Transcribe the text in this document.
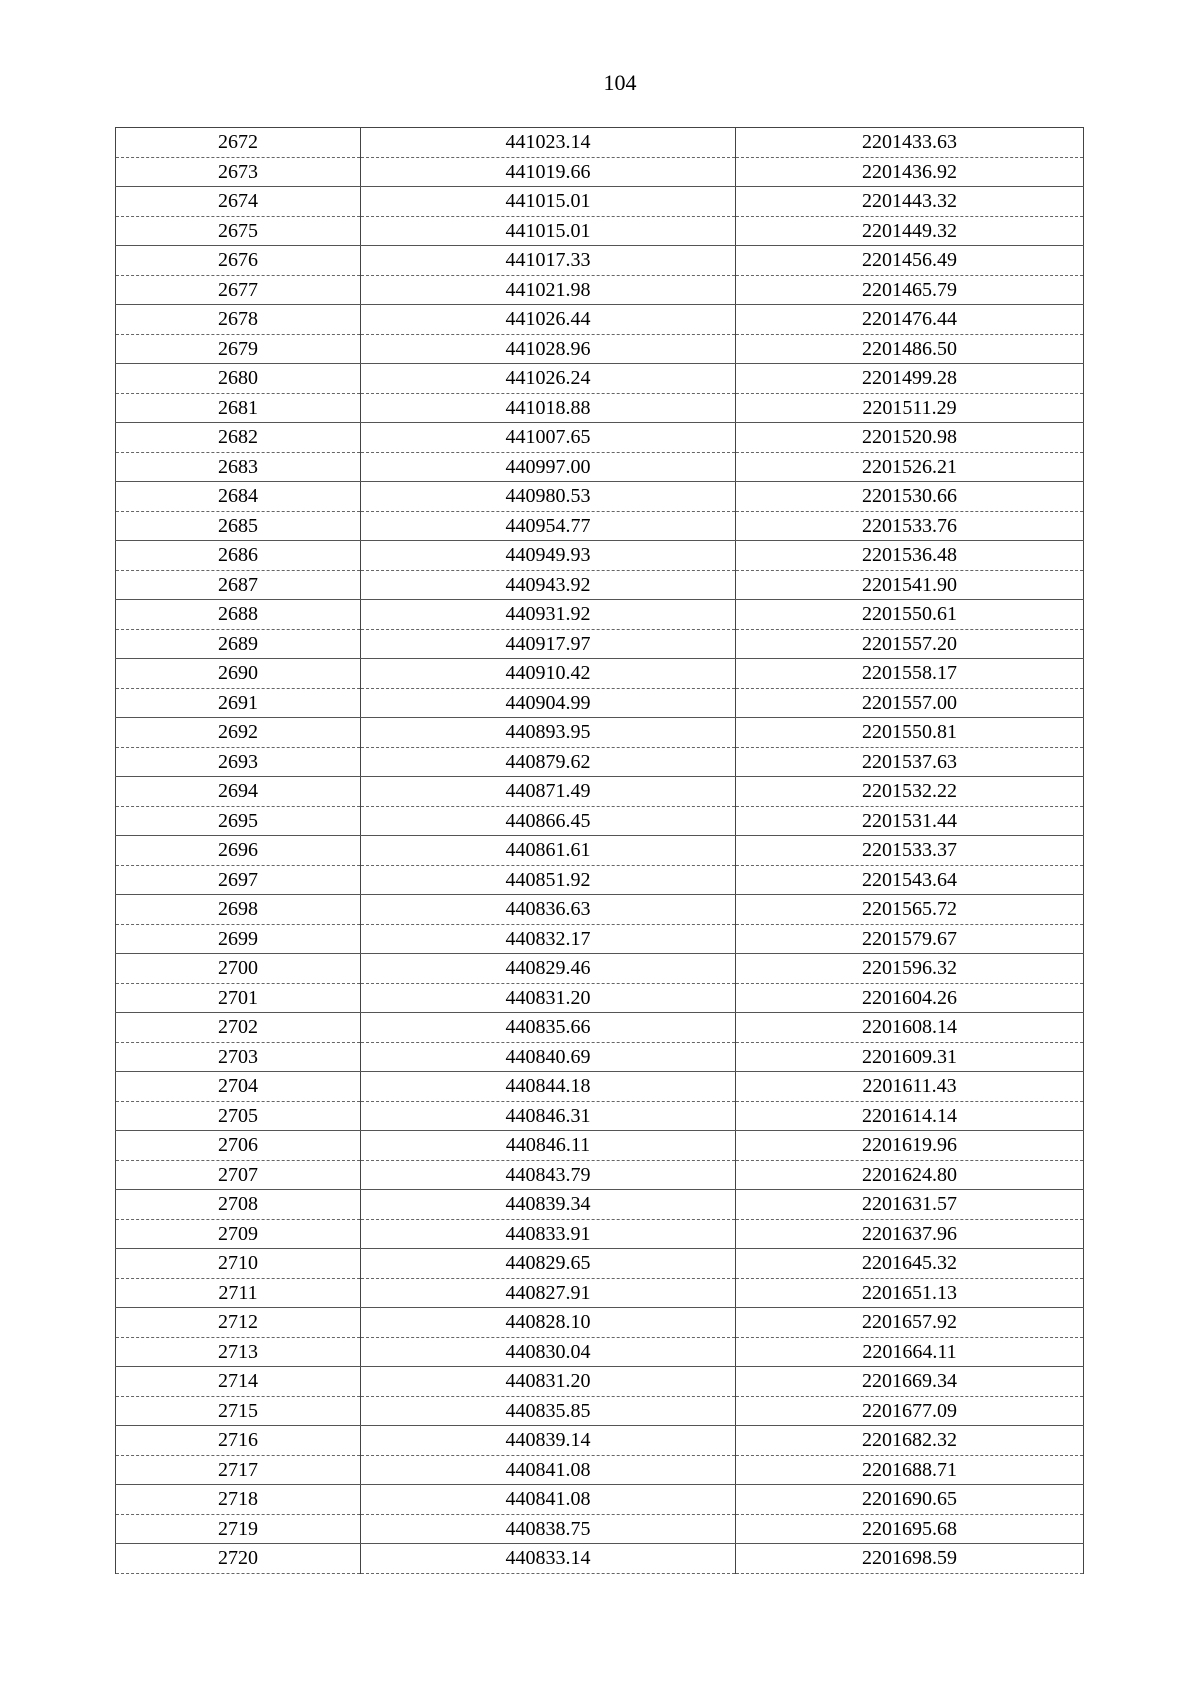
104
2672	441023.14	2201433.63
2673	441019.66	2201436.92
2674	441015.01	2201443.32
2675	441015.01	2201449.32
2676	441017.33	2201456.49
2677	441021.98	2201465.79
2678	441026.44	2201476.44
2679	441028.96	2201486.50
2680	441026.24	2201499.28
2681	441018.88	2201511.29
2682	441007.65	2201520.98
2683	440997.00	2201526.21
2684	440980.53	2201530.66
2685	440954.77	2201533.76
2686	440949.93	2201536.48
2687	440943.92	2201541.90
2688	440931.92	2201550.61
2689	440917.97	2201557.20
2690	440910.42	2201558.17
2691	440904.99	2201557.00
2692	440893.95	2201550.81
2693	440879.62	2201537.63
2694	440871.49	2201532.22
2695	440866.45	2201531.44
2696	440861.61	2201533.37
2697	440851.92	2201543.64
2698	440836.63	2201565.72
2699	440832.17	2201579.67
2700	440829.46	2201596.32
2701	440831.20	2201604.26
2702	440835.66	2201608.14
2703	440840.69	2201609.31
2704	440844.18	2201611.43
2705	440846.31	2201614.14
2706	440846.11	2201619.96
2707	440843.79	2201624.80
2708	440839.34	2201631.57
2709	440833.91	2201637.96
2710	440829.65	2201645.32
2711	440827.91	2201651.13
2712	440828.10	2201657.92
2713	440830.04	2201664.11
2714	440831.20	2201669.34
2715	440835.85	2201677.09
2716	440839.14	2201682.32
2717	440841.08	2201688.71
2718	440841.08	2201690.65
2719	440838.75	2201695.68
2720	440833.14	2201698.59
